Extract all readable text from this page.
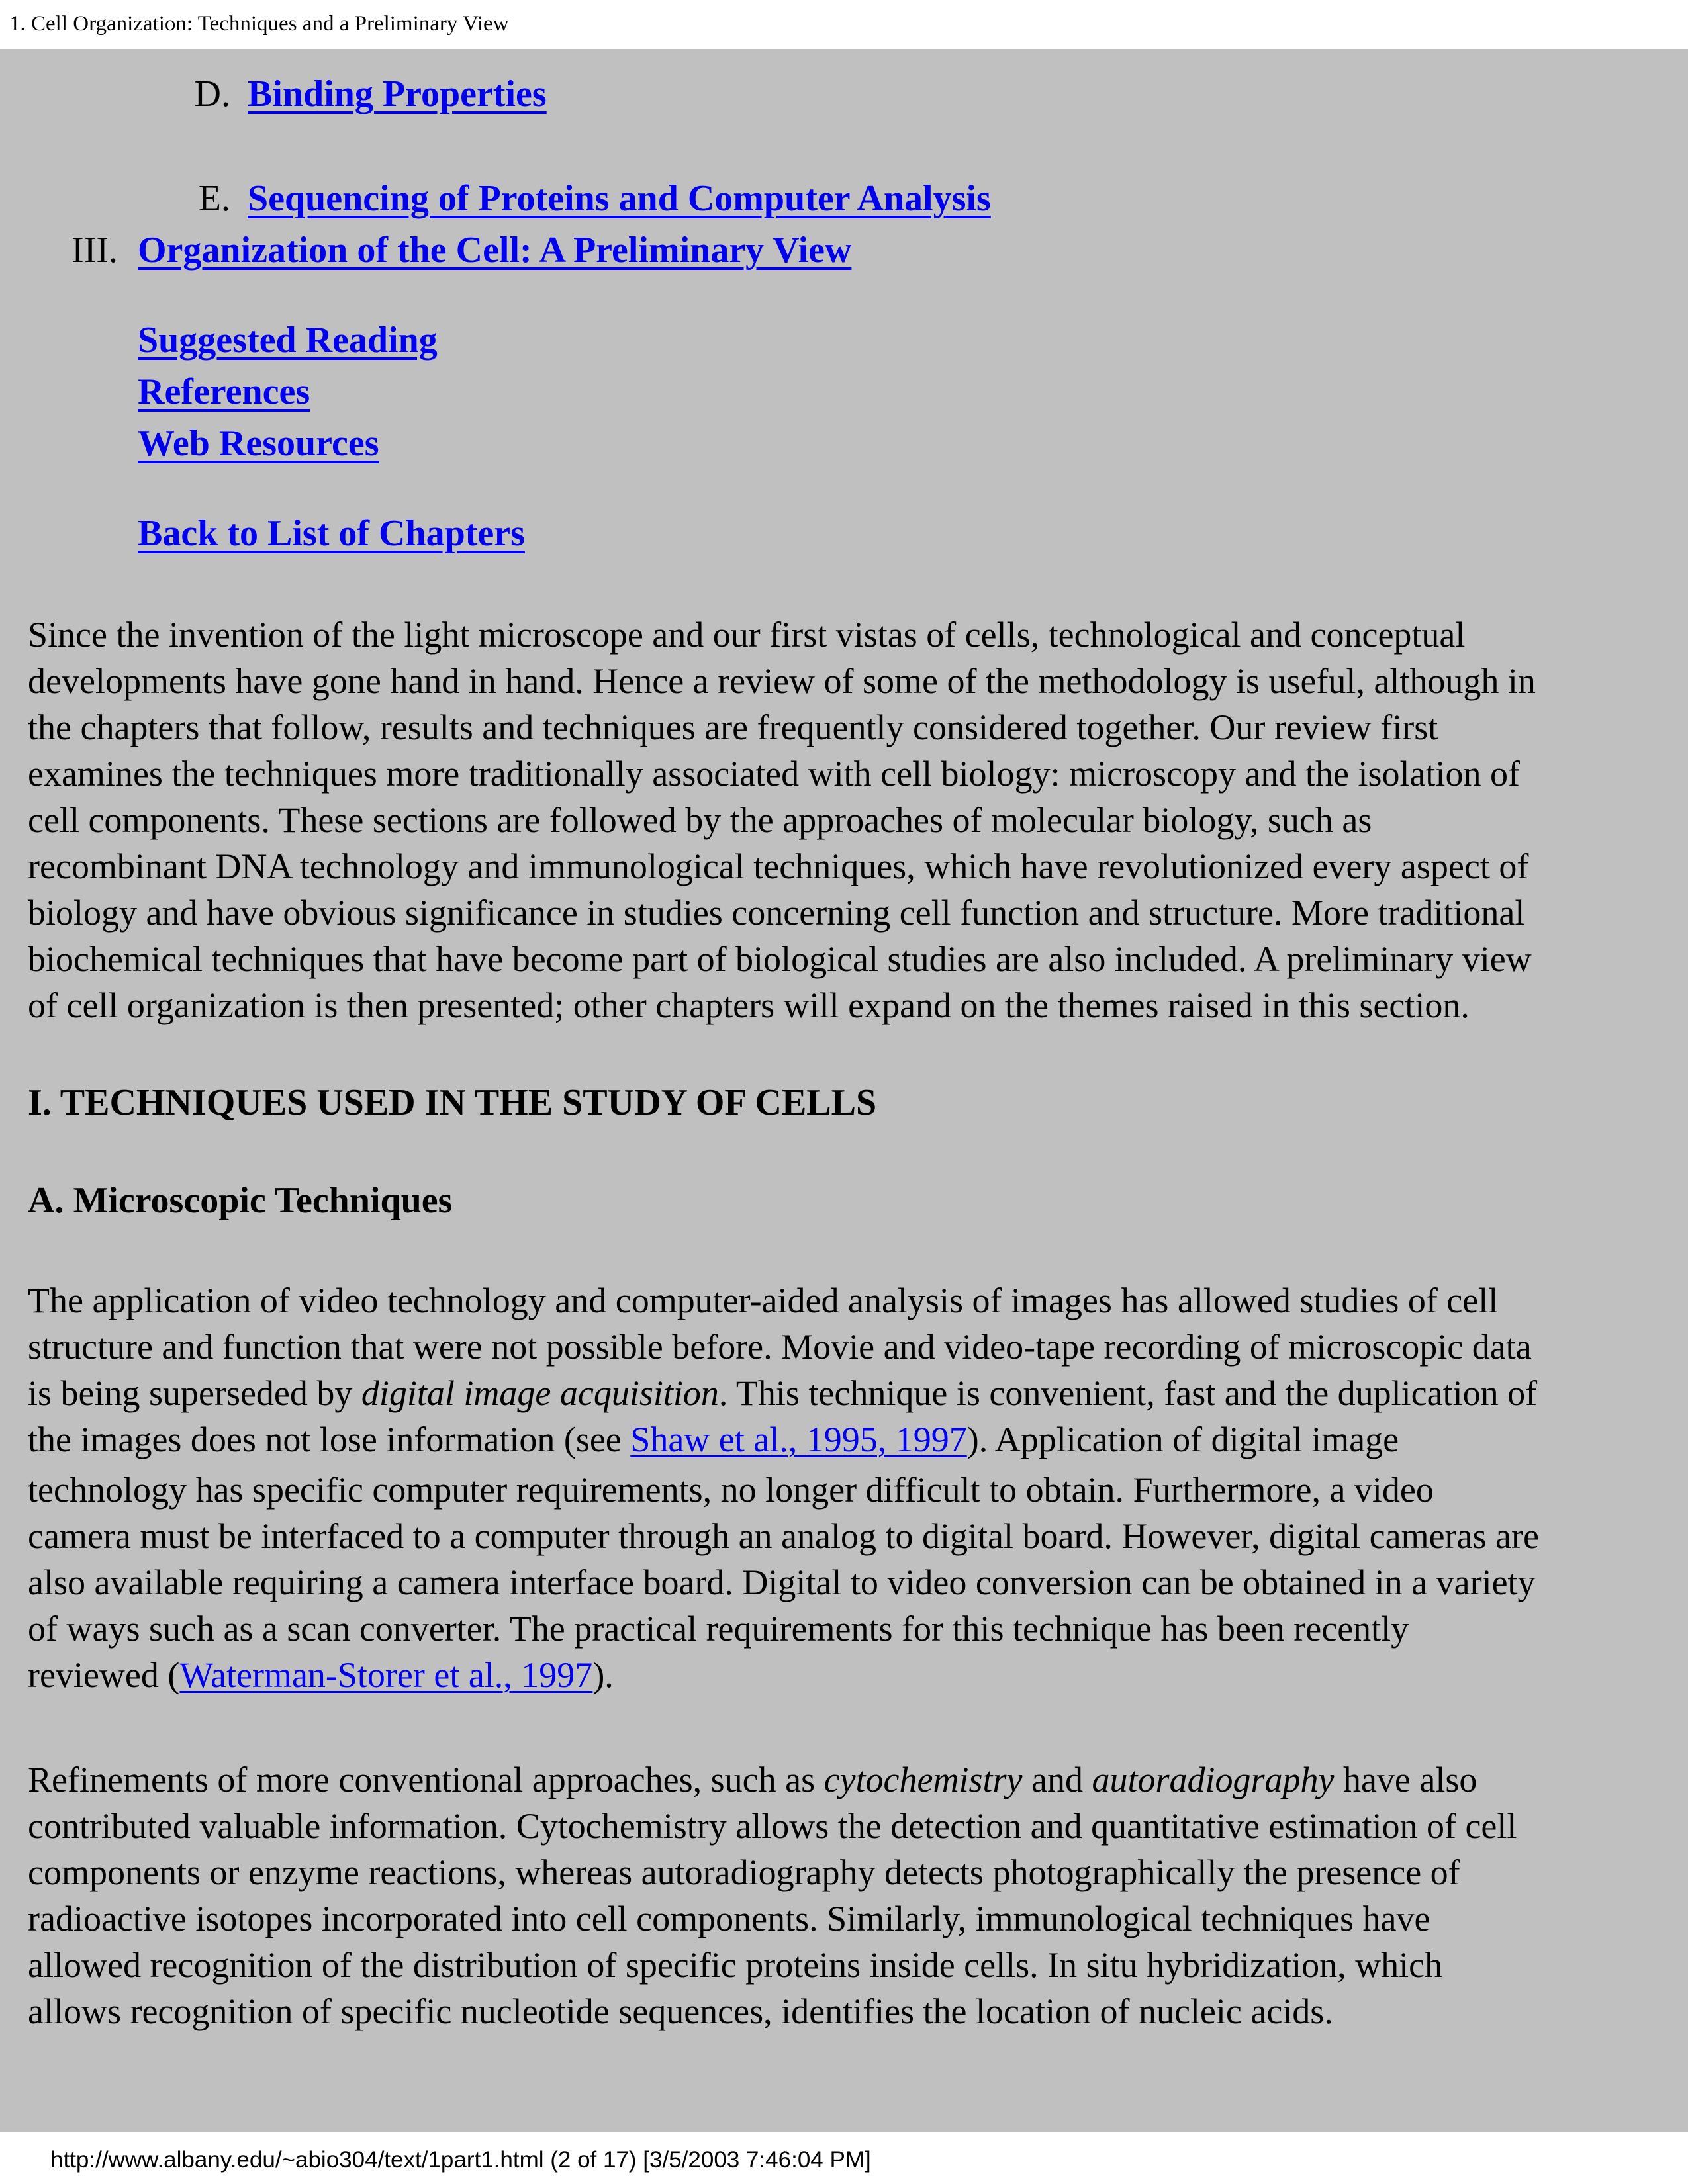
1. Cell Organization: Techniques and a Preliminary View
D. Binding Properties
E. Sequencing of Proteins and Computer Analysis
III. Organization of the Cell: A Preliminary View
Suggested Reading
References
Web Resources
Back to List of Chapters
Since the invention of the light microscope and our first vistas of cells, technological and conceptual
developments have gone hand in hand. Hence a review of some of the methodology is useful, although in
the chapters that follow, results and techniques are frequently considered together. Our review first
examines the techniques more traditionally associated with cell biology: microscopy and the isolation of
cell components. These sections are followed by the approaches of molecular biology, such as
recombinant DNA technology and immunological techniques, which have revolutionized every aspect of
biology and have obvious significance in studies concerning cell function and structure. More traditional
biochemical techniques that have become part of biological studies are also included. A preliminary view
of cell organization is then presented; other chapters will expand on the themes raised in this section.
I. TECHNIQUES USED IN THE STUDY OF CELLS
A. Microscopic Techniques
The application of video technology and computer-aided analysis of images has allowed studies of cell
structure and function that were not possible before. Movie and video-tape recording of microscopic data
is being superseded by digital image acquisition. This technique is convenient, fast and the duplication of
the images does not lose information (see Shaw et al., 1995, 1997). Application of digital image
technology has specific computer requirements, no longer difficult to obtain. Furthermore, a video
camera must be interfaced to a computer through an analog to digital board. However, digital cameras are
also available requiring a camera interface board. Digital to video conversion can be obtained in a variety
of ways such as a scan converter. The practical requirements for this technique has been recently
reviewed (Waterman-Storer et al., 1997).
Refinements of more conventional approaches, such as cytochemistry and autoradiography have also
contributed valuable information. Cytochemistry allows the detection and quantitative estimation of cell
components or enzyme reactions, whereas autoradiography detects photographically the presence of
radioactive isotopes incorporated into cell components. Similarly, immunological techniques have
allowed recognition of the distribution of specific proteins inside cells. In situ hybridization, which
allows recognition of specific nucleotide sequences, identifies the location of nucleic acids.
http://www.albany.edu/~abio304/text/1part1.html (2 of 17) [3/5/2003 7:46:04 PM]
